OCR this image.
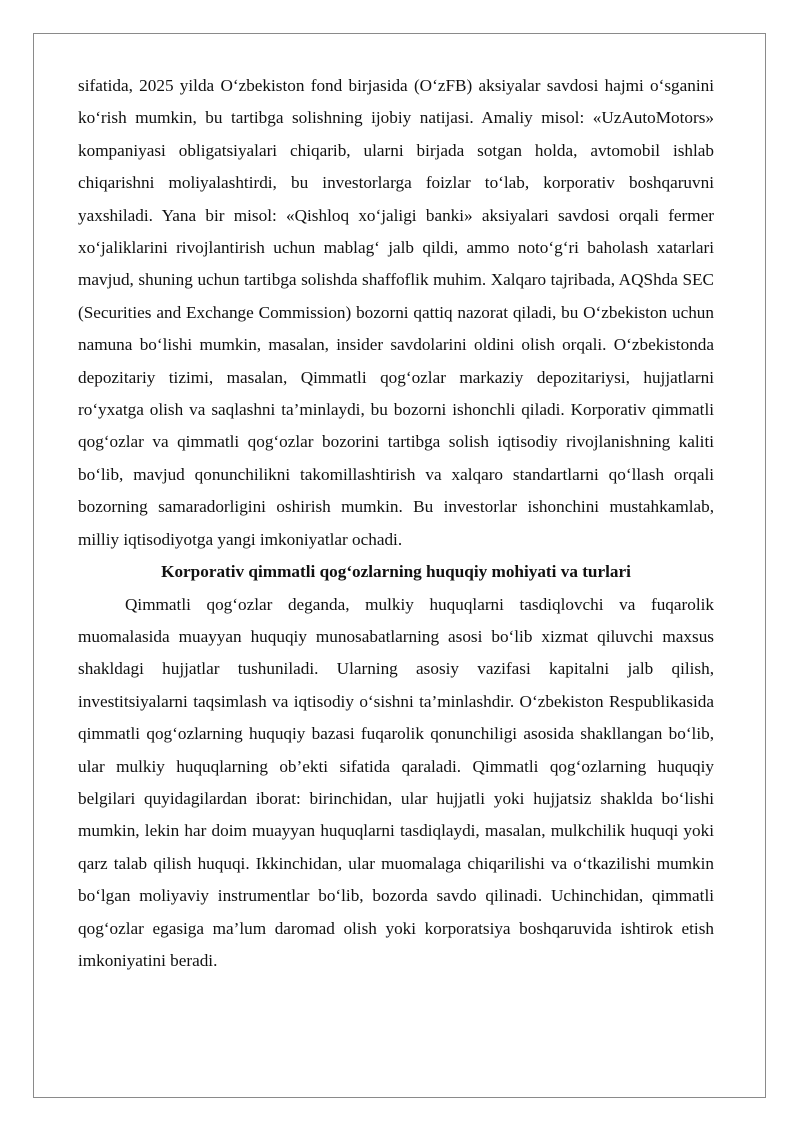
sifatida, 2025 yilda O‘zbekiston fond birjasida (O‘zFB) aksiyalar savdosi hajmi o‘sganini ko‘rish mumkin, bu tartibga solishning ijobiy natijasi. Amaliy misol: «UzAutoMotors» kompaniyasi obligatsiyalari chiqarib, ularni birjada sotgan holda, avtomobil ishlab chiqarishni moliyalashtirdi, bu investorlarga foizlar to‘lab, korporativ boshqaruvni yaxshiladi. Yana bir misol: «Qishloq xo‘jaligi banki» aksiyalari savdosi orqali fermer xo‘jaliklarini rivojlantirish uchun mablag‘ jalb qildi, ammo noto‘g‘ri baholash xatarlari mavjud, shuning uchun tartibga solishda shaffoflik muhim. Xalqaro tajribada, AQShda SEC (Securities and Exchange Commission) bozorni qattiq nazorat qiladi, bu O‘zbekiston uchun namuna bo‘lishi mumkin, masalan, insider savdolarini oldini olish orqali. O‘zbekistonda depozitariy tizimi, masalan, Qimmatli qog‘ozlar markaziy depozitariysi, hujjatlarni ro‘yxatga olish va saqlashni ta’minlaydi, bu bozorni ishonchli qiladi. Korporativ qimmatli qog‘ozlar va qimmatli qog‘ozlar bozorini tartibga solish iqtisodiy rivojlanishning kaliti bo‘lib, mavjud qonunchilikni takomillashtirish va xalqaro standartlarni qo‘llash orqali bozorning samaradorligini oshirish mumkin. Bu investorlar ishonchini mustahkamlab, milliy iqtisodiyotga yangi imkoniyatlar ochadi.

Korporativ qimmatli qog‘ozlarning huquqiy mohiyati va turlari

Qimmatli qog‘ozlar deganda, mulkiy huquqlarni tasdiqlovchi va fuqarolik muomalasida muayyan huquqiy munosabatlarning asosi bo‘lib xizmat qiluvchi maxsus shakldagi hujjatlar tushuniladi. Ularning asosiy vazifasi kapitalni jalb qilish, investitsiyalarni taqsimlash va iqtisodiy o‘sishni ta’minlashdir. O‘zbekiston Respublikasida qimmatli qog‘ozlarning huquqiy bazasi fuqarolik qonunchiligi asosida shakllangan bo‘lib, ular mulkiy huquqlarning ob’ekti sifatida qaraladi. Qimmatli qog‘ozlarning huquqiy belgilari quyidagilardan iborat: birinchidan, ular hujjatli yoki hujjatsiz shaklda bo‘lishi mumkin, lekin har doim muayyan huquqlarni tasdiqlaydi, masalan, mulkchilik huquqi yoki qarz talab qilish huquqi. Ikkinchidan, ular muomalaga chiqarilishi va o‘tkazilishi mumkin bo‘lgan moliyaviy instrumentlar bo‘lib, bozorda savdo qilinadi. Uchinchidan, qimmatli qog‘ozlar egasiga ma’lum daromad olish yoki korporatsiya boshqaruvida ishtirok etish imkoniyatini beradi.
